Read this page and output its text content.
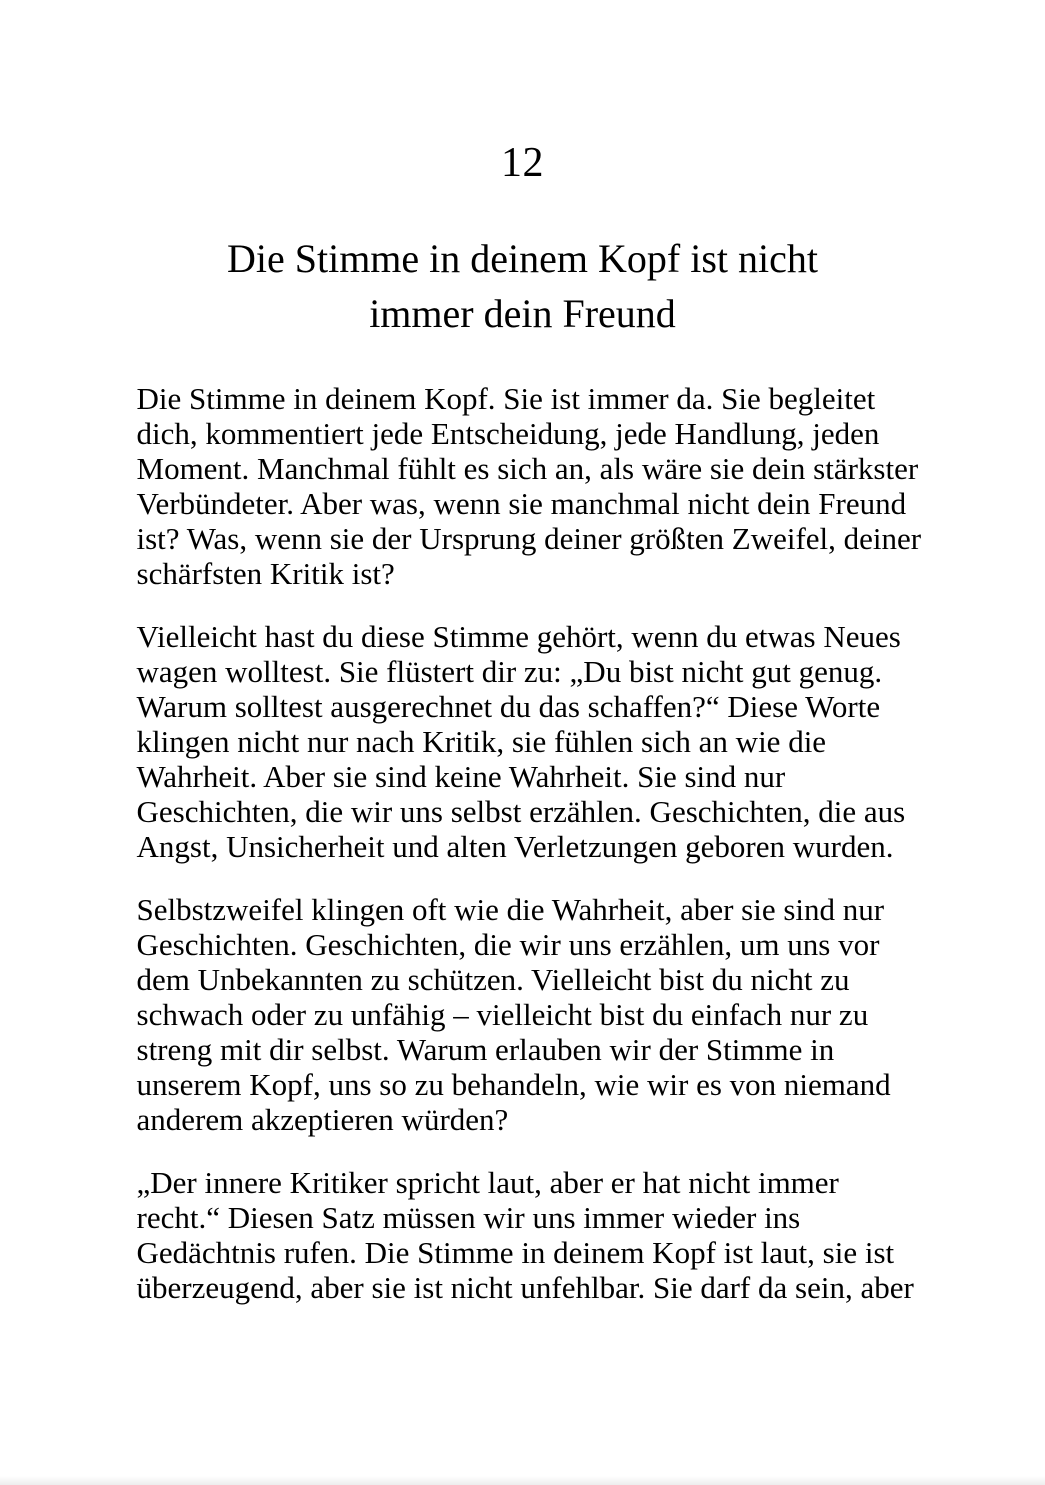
12
Die Stimme in deinem Kopf ist nicht
immer dein Freund

Die Stimme in deinem Kopf. Sie ist immer da. Sie begleitet
dich, kommentiert jede Entscheidung, jede Handlung, jeden
Moment. Manchmal fühlt es sich an, als wäre sie dein stärkster
Verbündeter. Aber was, wenn sie manchmal nicht dein Freund
ist? Was, wenn sie der Ursprung deiner größten Zweifel, deiner
schärfsten Kritik ist?

Vielleicht hast du diese Stimme gehört, wenn du etwas Neues
wagen wolltest. Sie flüstert dir zu: „Du bist nicht gut genug.
Warum solltest ausgerechnet du das schaffen?“ Diese Worte
klingen nicht nur nach Kritik, sie fühlen sich an wie die
Wahrheit. Aber sie sind keine Wahrheit. Sie sind nur
Geschichten, die wir uns selbst erzählen. Geschichten, die aus
Angst, Unsicherheit und alten Verletzungen geboren wurden.

Selbstzweifel klingen oft wie die Wahrheit, aber sie sind nur
Geschichten. Geschichten, die wir uns erzählen, um uns vor
dem Unbekannten zu schützen. Vielleicht bist du nicht zu
schwach oder zu unfähig – vielleicht bist du einfach nur zu
streng mit dir selbst. Warum erlauben wir der Stimme in
unserem Kopf, uns so zu behandeln, wie wir es von niemand
anderem akzeptieren würden?

„Der innere Kritiker spricht laut, aber er hat nicht immer
recht.“ Diesen Satz müssen wir uns immer wieder ins
Gedächtnis rufen. Die Stimme in deinem Kopf ist laut, sie ist
überzeugend, aber sie ist nicht unfehlbar. Sie darf da sein, aber
